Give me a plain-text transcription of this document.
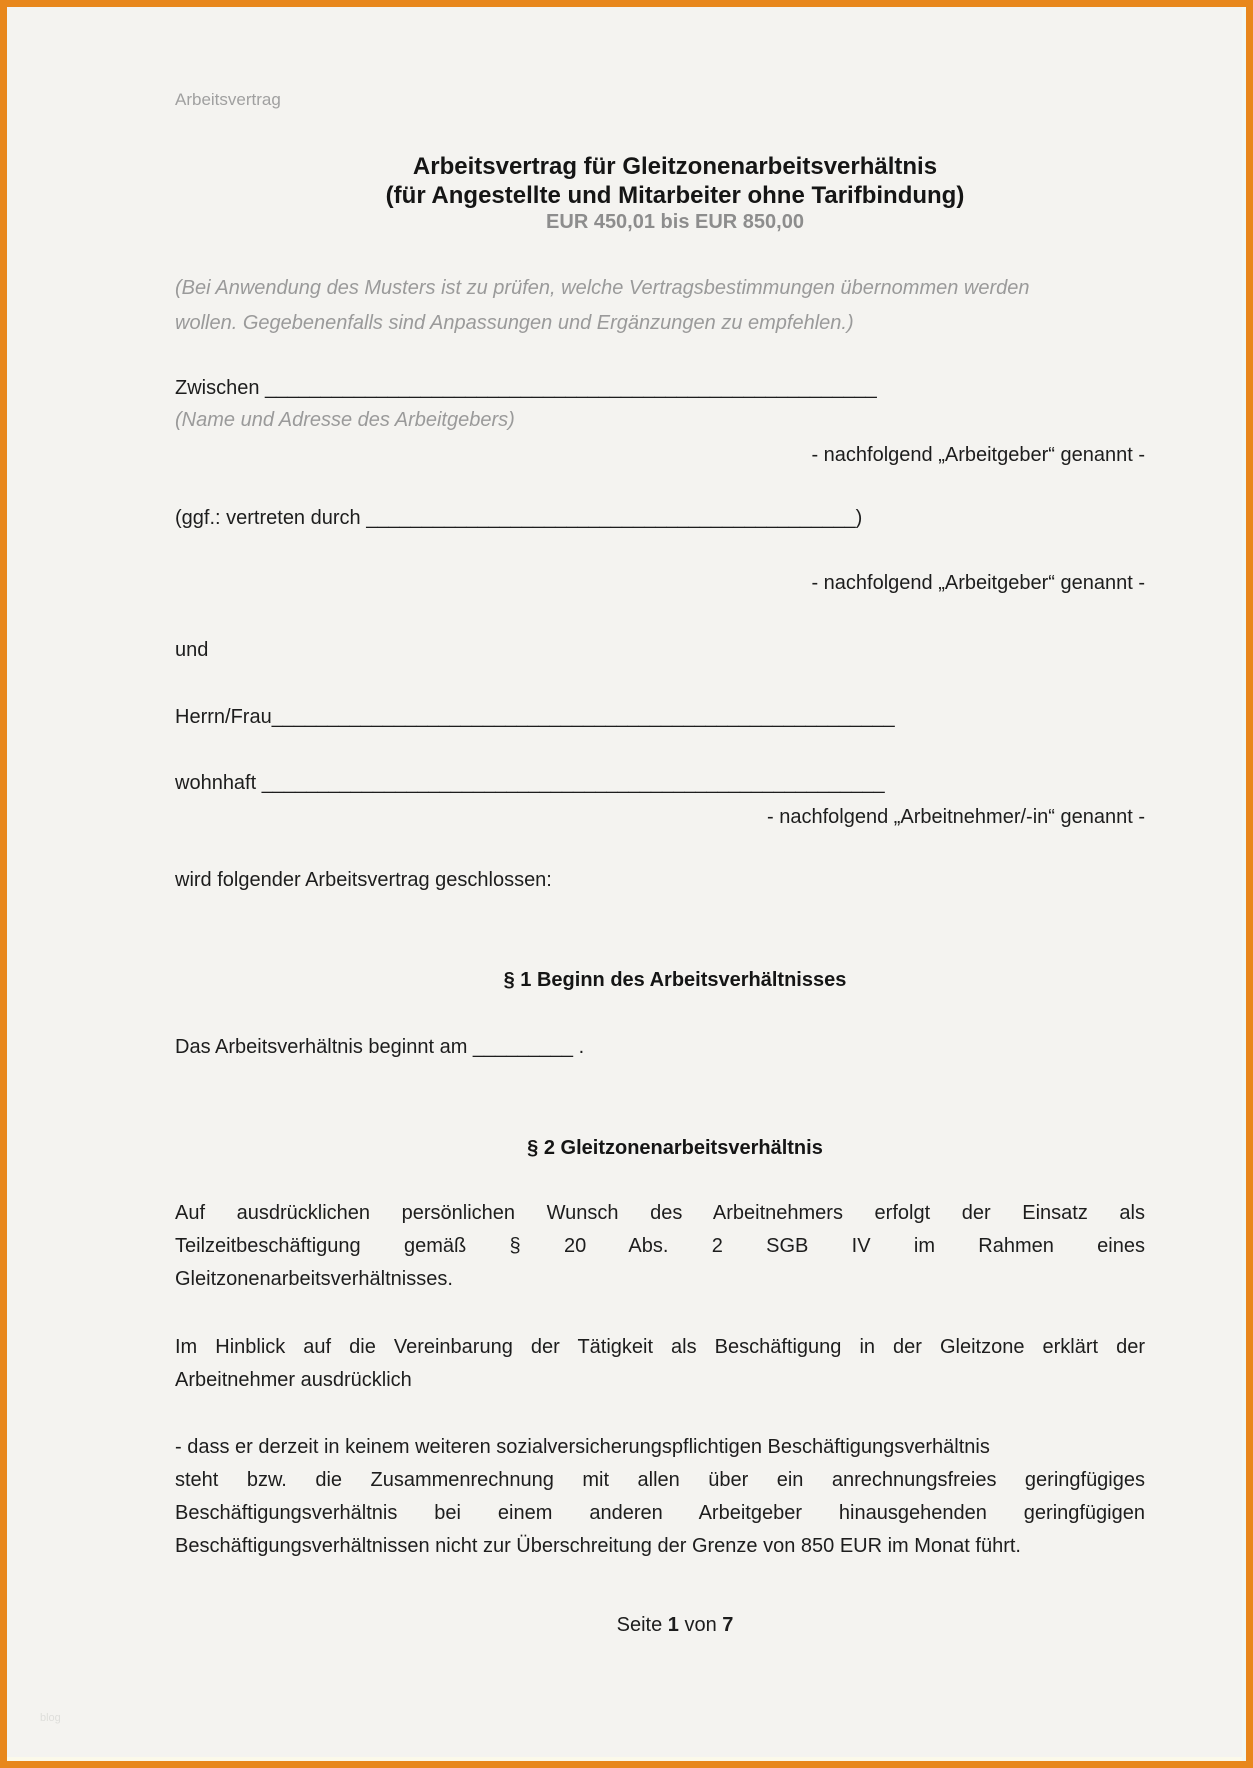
Arbeitsvertrag
Arbeitsvertrag für Gleitzonenarbeitsverhältnis
(für Angestellte und Mitarbeiter ohne Tarifbindung)
EUR 450,01 bis EUR 850,00
(Bei Anwendung des Musters ist zu prüfen, welche Vertragsbestimmungen übernommen werden
wollen. Gegebenenfalls sind Anpassungen und Ergänzungen zu empfehlen.)
Zwischen _______________________________________________________
(Name und Adresse des Arbeitgebers)
- nachfolgend „Arbeitgeber“ genannt -
(ggf.: vertreten durch ____________________________________________)
- nachfolgend „Arbeitgeber“ genannt -
und
Herrn/Frau________________________________________________________
wohnhaft ________________________________________________________
- nachfolgend „Arbeitnehmer/-in“ genannt -
wird folgender Arbeitsvertrag geschlossen:
§ 1 Beginn des Arbeitsverhältnisses
Das Arbeitsverhältnis beginnt am _________ .
§ 2 Gleitzonenarbeitsverhältnis
Auf ausdrücklichen persönlichen Wunsch des Arbeitnehmers erfolgt der Einsatz als
Teilzeitbeschäftigung gemäß § 20 Abs. 2 SGB IV im Rahmen eines
Gleitzonenarbeitsverhältnisses.
Im Hinblick auf die Vereinbarung der Tätigkeit als Beschäftigung in der Gleitzone erklärt der
Arbeitnehmer ausdrücklich
- dass er derzeit in keinem weiteren sozialversicherungspflichtigen Beschäftigungsverhältnis
steht bzw. die Zusammenrechnung mit allen über ein anrechnungsfreies geringfügiges
Beschäftigungsverhältnis bei einem anderen Arbeitgeber hinausgehenden geringfügigen
Beschäftigungsverhältnissen nicht zur Überschreitung der Grenze von 850 EUR im Monat führt.
Seite 1 von 7
blog
